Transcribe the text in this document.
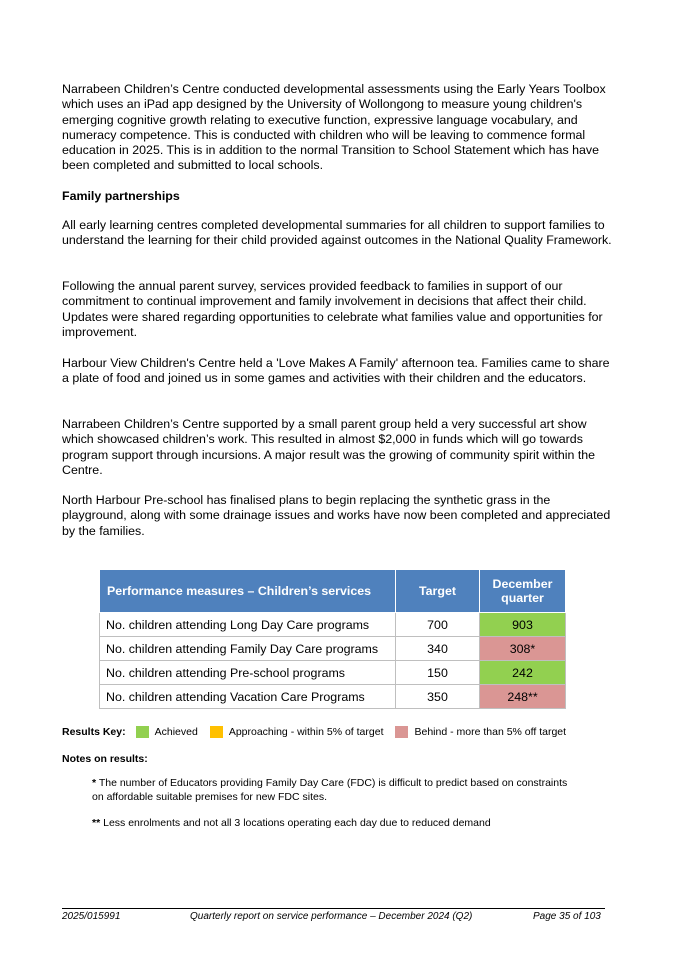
Narrabeen Children’s Centre conducted developmental assessments using the Early Years Toolbox which uses an iPad app designed by the University of Wollongong to measure young children's emerging cognitive growth relating to executive function, expressive language vocabulary, and numeracy competence. This is conducted with children who will be leaving to commence formal education in 2025. This is in addition to the normal Transition to School Statement which has have been completed and submitted to local schools.

Family partnerships

All early learning centres completed developmental summaries for all children to support families to understand the learning for their child provided against outcomes in the National Quality Framework.

Following the annual parent survey, services provided feedback to families in support of our commitment to continual improvement and family involvement in decisions that affect their child. Updates were shared regarding opportunities to celebrate what families value and opportunities for improvement.

Harbour View Children's Centre held a 'Love Makes A Family' afternoon tea. Families came to share a plate of food and joined us in some games and activities with their children and the educators.

Narrabeen Children’s Centre supported by a small parent group held a very successful art show which showcased children’s work. This resulted in almost $2,000 in funds which will go towards program support through incursions. A major result was the growing of community spirit within the Centre.

North Harbour Pre-school has finalised plans to begin replacing the synthetic grass in the playground, along with some drainage issues and works have now been completed and appreciated by the families.

Performance measures – Children’s services	Target	December quarter
No. children attending Long Day Care programs	700	903
No. children attending Family Day Care programs	340	308*
No. children attending Pre-school programs	150	242
No. children attending Vacation Care Programs	350	248**
Results Key:	Achieved	Approaching - within 5% of target	Behind - more than 5% off target

Notes on results:

* The number of Educators providing Family Day Care (FDC) is difficult to predict based on constraints on affordable suitable premises for new FDC sites.

** Less enrolments and not all 3 locations operating each day due to reduced demand

2025/015991	Quarterly report on service performance – December 2024 (Q2)	Page 35 of 103
